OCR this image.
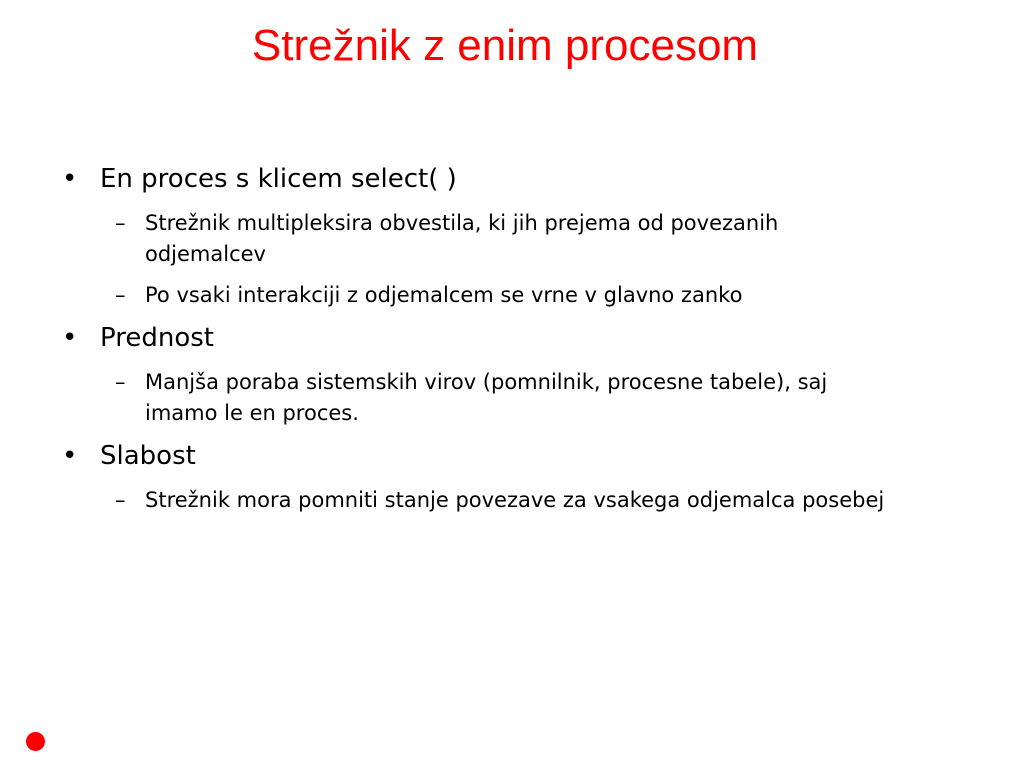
Strežnik z enim procesom
• En proces s klicem select( )
– Strežnik multipleksira obvestila, ki jih prejema od povezanih odjemalcev
– Po vsaki interakciji z odjemalcem se vrne v glavno zanko
• Prednost
– Manjša poraba sistemskih virov (pomnilnik, procesne tabele), saj imamo le en proces.
• Slabost
– Strežnik mora pomniti stanje povezave za vsakega odjemalca posebej
